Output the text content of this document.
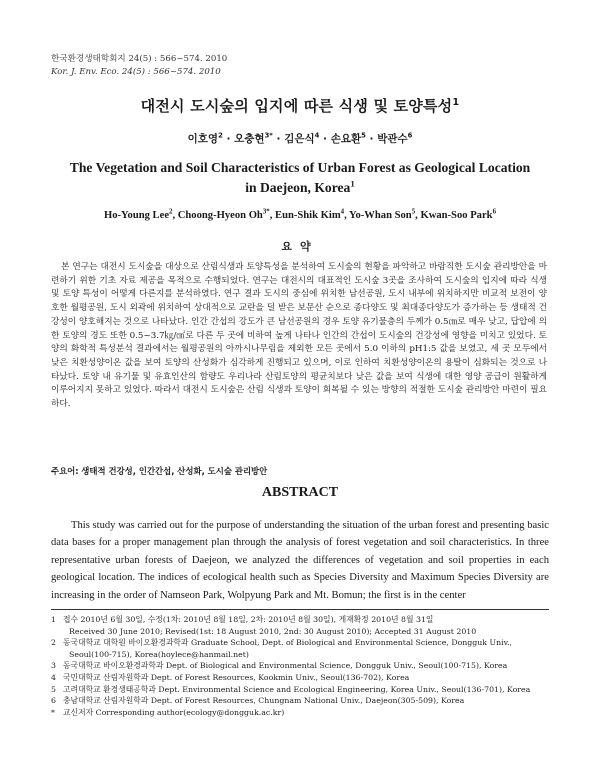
한국환경생태학회지 24(5) : 566~574. 2010
Kor. J. Env. Eco. 24(5) : 566~574. 2010
대전시 도시숲의 입지에 따른 식생 및 토양특성$^1$
이호영$^2$ · 오충현$^{3*}$ · 김은식$^4$ · 손요환$^5$ · 박관수$^6$
The Vegetation and Soil Characteristics of Urban Forest as Geological Location
in Daejeon, Korea$^1$
Ho-Young Lee$^2$, Choong-Hyeon $Oh^{3*}$, Eun-Shik Kim$^4$, Yo-Whan Son$^5$, Kwan-Soo Park$^6$
요약

본 연구는 대전시 도시숲을 대상으로 산림식생과 토양특성을 분석하여 도시숲의 현황을 파악하고 바람직한 도시숲 관리방안을 마련하기 위한 기초 자료 제공을 목적으로 수행되었다. 연구는 대전시의 대표적인 도시숲 3곳을 조사하여 도시숲의 입지에 따라 식생 및 토양 특성이 어떻게 다른지를 분석하였다. 연구 결과 도시의 중심에 위치한 남선공원, 도시 내부에 위치하지만 비교적 보전이 양호한 월평공원, 도시 외곽에 위치하여 상대적으로 교란을 덜 받은 보문산 순으로 종다양도 및 최대종다양도가 증가하는 등 생태적 건강성이 양호해지는 것으로 나타났다. 인간 간섭의 강도가 큰 남선공원의 경우 토양 유기물층의 두께가 0.5㎝로 매우 낮고, 답압에 의한 토양의 경도 또한 0.5~3.7㎏/㎠로 다른 두 곳에 비하여 높게 나타나 인간의 간섭이 도시숲의 건강성에 영향을 미치고 있었다. 토양의 화학적 특성분석 결과에서는 월평공원의 아까시나무림을 제외한 모든 곳에서 5.0 이하의 pH1:5 값을 보였고, 세 곳 모두에서 낮은 치환성양이온 값을 보여 토양의 산성화가 심각하게 진행되고 있으며, 이로 인하여 치환성양이온의 용탈이 심화되는 것으로 나타났다. 토양 내 유기물 및 유효인산의 함량도 우리나라 산림토양의 평균치보다 낮은 값을 보여 식생에 대한 영양 공급이 원활하게 이루어지지 못하고 있었다. 따라서 대전시 도시숲은 산림 식생과 토양이 회복될 수 있는 방향의 적절한 도시숲 관리방안 마련이 필요하다.

주요어: 생태적 건강성, 인간간섭, 산성화, 도시숲 관리방안
ABSTRACT

This study was carried out for the purpose of understanding the situation of the urban forest and presenting basic data bases for a proper management plan through the analysis of forest vegetation and soil characteristics. In three representative urban forests of Daejeon, we analyzed the differences of vegetation and soil properties in each geological location. The indices of ecological health such as Species Diversity and Maximum Species Diversity are increasing in the order of Namseon Park, Wolpyung Park and Mt. Bomun; the first is in the center

1 접수 2010년 6월 30일, 수정(1차: 2010년 8월 18일, 2차: 2010년 8월 30일), 게재확정 2010년 8월 31일
Received 30 June 2010; Revised(1st: 18 August 2010, 2nd: 30 August 2010); Accepted 31 August 2010
2 동국대학교 대학원 바이오환경과학과 Graduate School, Dept. of Biological and Environmental Science, Dongguk Univ.,
Seoul(100-715), Korea(hoylece@hanmail.net)
3 동국대학교 바이오환경과학과 Dept. of Biological and Environmental Science, Dongguk Univ., Seoul(100-715), Korea
4 국민대학교 산림자원학과 Dept. of Forest Resources, Kookmin Univ., Seoul(136-702), Korea
5 고려대학교 환경생태공학과 Dept. Environmental Science and Ecological Engineering, Korea Univ., Seoul(136-701), Korea
6 충남대학교 산림자원학과 Dept. of Forest Resources, Chungnam National Univ., Daejeon(305-509), Korea
* 교신저자 Corresponding author(ecology@dongguk.ac.kr)
